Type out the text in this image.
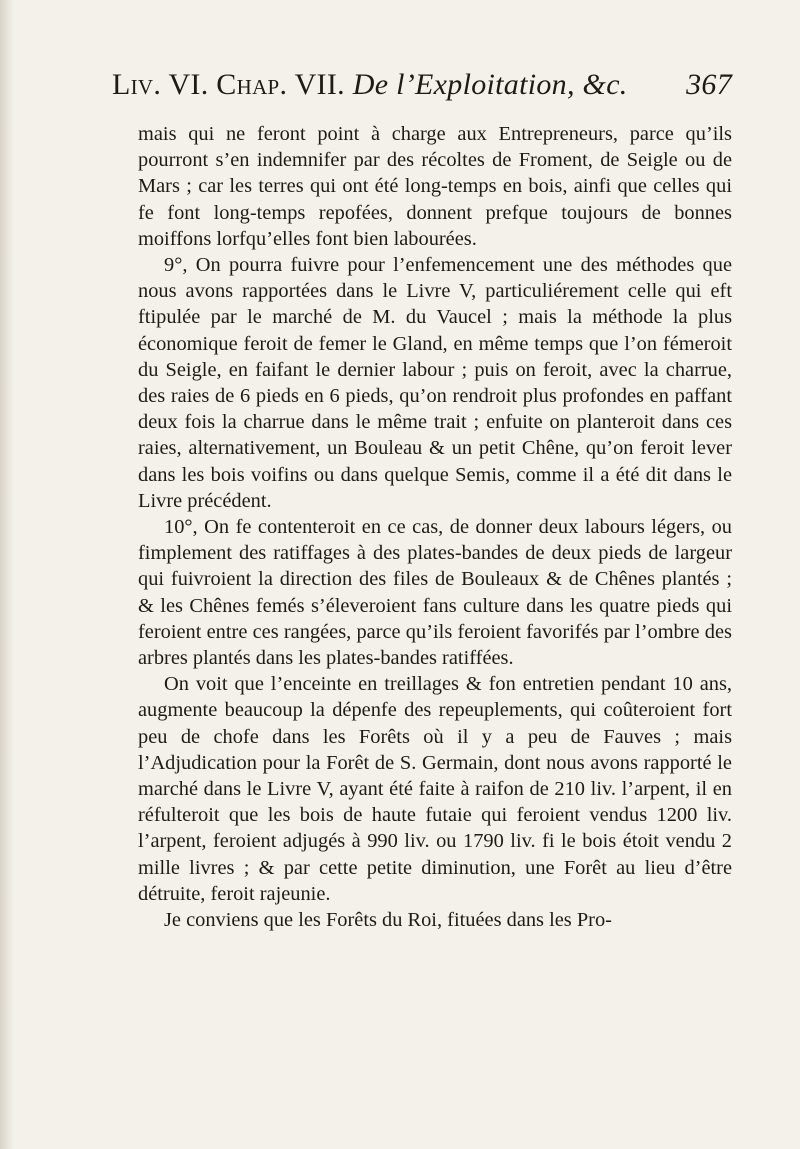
Liv. VI. Chap. VII. De l’Exploitation, &c. 367

mais qui ne feront point à charge aux Entrepreneurs, parce qu’ils pourront s’en indemnifer par des récoltes de Froment, de Seigle ou de Mars ; car les terres qui ont été long-temps en bois, ainfi que celles qui fe font long-temps repofées, donnent prefque toujours de bonnes moiffons lorfqu’elles font bien labourées.

9°, On pourra fuivre pour l’enfemencement une des méthodes que nous avons rapportées dans le Livre V, particuliérement celle qui eft ftipulée par le marché de M. du Vaucel ; mais la méthode la plus économique feroit de femer le Gland, en même temps que l’on fémeroit du Seigle, en faifant le dernier labour ; puis on feroit, avec la charrue, des raies de 6 pieds en 6 pieds, qu’on rendroit plus profondes en paffant deux fois la charrue dans le même trait ; enfuite on planteroit dans ces raies, alternativement, un Bouleau & un petit Chêne, qu’on feroit lever dans les bois voifins ou dans quelque Semis, comme il a été dit dans le Livre précédent.

10°, On fe contenteroit en ce cas, de donner deux labours légers, ou fimplement des ratiffages à des plates-bandes de deux pieds de largeur qui fuivroient la direction des files de Bouleaux & de Chênes plantés ; & les Chênes femés s’éleveroient fans culture dans les quatre pieds qui feroient entre ces rangées, parce qu’ils feroient favorifés par l’ombre des arbres plantés dans les plates-bandes ratiffées.

On voit que l’enceinte en treillages & fon entretien pendant 10 ans, augmente beaucoup la dépenfe des repeuplements, qui coûteroient fort peu de chofe dans les Forêts où il y a peu de Fauves ; mais l’Adjudication pour la Forêt de S. Germain, dont nous avons rapporté le marché dans le Livre V, ayant été faite à raifon de 210 liv. l’arpent, il en réfulteroit que les bois de haute futaie qui feroient vendus 1200 liv. l’arpent, feroient adjugés à 990 liv. ou 1790 liv. fi le bois étoit vendu 2 mille livres ; & par cette petite diminution, une Forêt au lieu d’être détruite, feroit rajeunie.

Je conviens que les Forêts du Roi, fituées dans les Pro-
